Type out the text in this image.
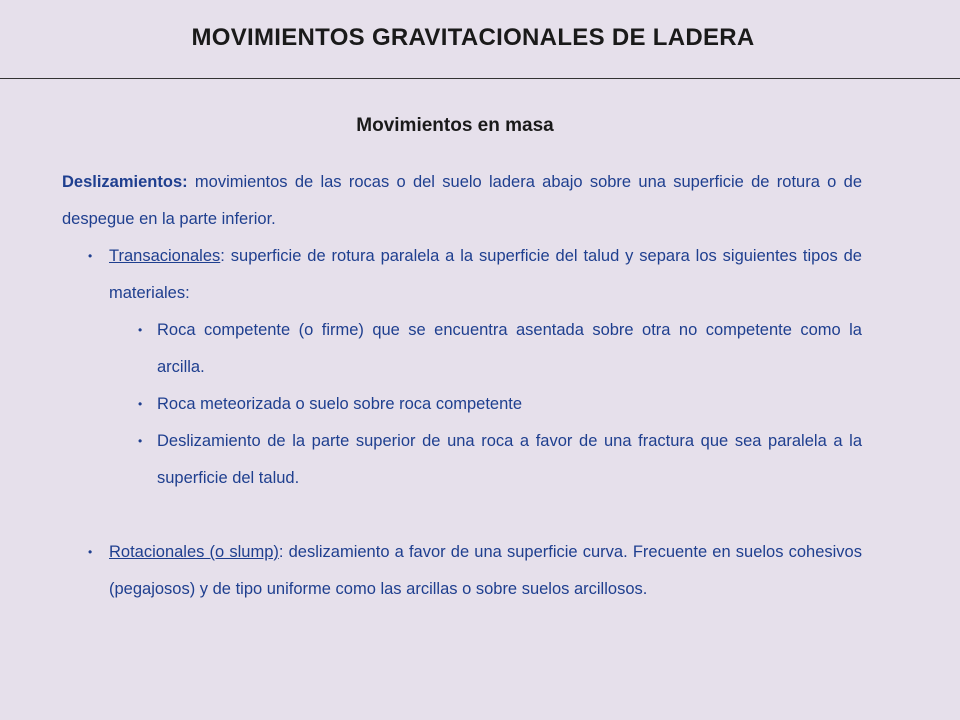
MOVIMIENTOS GRAVITACIONALES DE LADERA
Movimientos en masa

Deslizamientos: movimientos de las rocas o del suelo ladera abajo sobre una superficie de rotura o de despegue en la parte inferior.

• Transacionales: superficie de rotura paralela a la superficie del talud y separa los siguientes tipos de materiales:

• Roca competente (o firme) que se encuentra asentada sobre otra no competente como la arcilla.

• Roca meteorizada o suelo sobre roca competente

• Deslizamiento de la parte superior de una roca a favor de una fractura que sea paralela a la superficie del talud.

• Rotacionales (o slump): deslizamiento a favor de una superficie curva. Frecuente en suelos cohesivos (pegajosos) y de tipo uniforme como las arcillas o sobre suelos arcillosos.
